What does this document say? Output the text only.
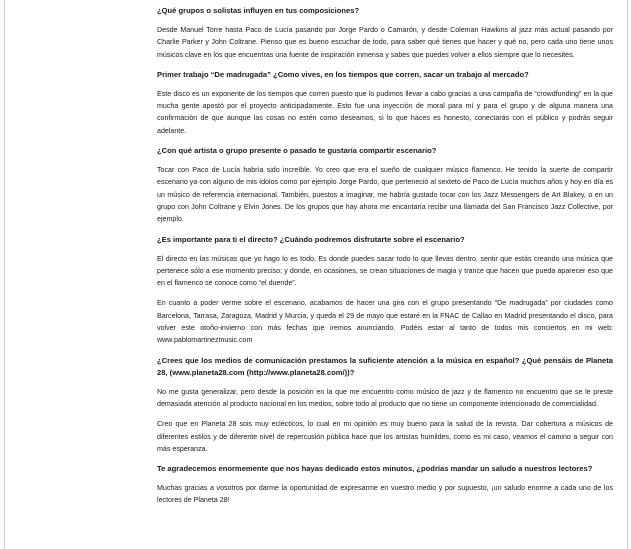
¿Qué grupos o solistas influyen en tus composiciones?

Desde Manuel Torre hasta Paco de Lucía pasando por Jorge Pardo o Camarón, y desde Coleman Hawkins al jazz más actual pasando por Charlie Parker y John Coltrane. Pienso que es bueno escuchar de todo, para saber qué tienes que hacer y qué no, pero cada uno tiene unos músicos clave en los que encuentras una fuente de inspiración inmensa y sabes que puedes volver a ellos siempre que lo necesites.

Primer trabajo “De madrugada” ¿Como vives, en los tiempos que corren, sacar un trabajo al mercado?

Este disco es un exponente de los tiempos que corren puesto que lo pudimos llevar a cabo gracias a una campaña de “crowdfunding” en la que mucha gente apostó por el proyecto anticipadamente. Esto fue una inyección de moral para mí y para el grupo y de alguna manera una confirmación de que aunque las cosas no estén como deseamos, si lo que haces es honesto, conectarás con el público y podrás seguir adelante.

¿Con qué artista o grupo presente o pasado te gustaría compartir escenario?

Tocar con Paco de Lucía habría sido increíble. Yo creo que era el sueño de cualquier músico flamenco. He tenido la suerte de compartir escenario ya con alguno de mis ídolos como por ejemplo Jorge Pardo, que perteneció al sexteto de Paco de Lucía muchos años y hoy en día es un músico de referencia internacional. También, puestos a imaginar, me habría gustado tocar con los Jazz Messengers de Art Blakey, o en un grupo con John Coltrane y Elvin Jones. De los grupos que hay ahora me encantaría recibir una llamada del San Francisco Jazz Collective, por ejemplo.

¿Es importante para ti el directo? ¿Cuándo podremos disfrutarte sobre el escenario?

El directo en las músicas que yo hago lo es todo. Es donde puedes sacar todo lo que llevas dentro, sentir que estás creando una música que pertenece sólo a ese momento preciso; y donde, en ocasiones, se crean situaciones de magia y trance que hacen que pueda aparecer eso que en el flamenco se conoce como “el duende”.

En cuanto a poder verme sobre el escenario, acabamos de hacer una gira con el grupo presentando “De madrugada” por ciudades como Barcelona, Tarrasa, Zaragoza, Madrid y Murcia, y queda el 29 de mayo que estaré en la FNAC de Callao en Madrid presentando el disco, para volver este otoño-invierno con más fechas que iremos anunciando. Podéis estar al tanto de todos mis conciertos en mi web: www.pablomartinezmusic.com

¿Crees que los medios de comunicación prestamos la suficiente atención a la música en español? ¿Qué pensáis de Planeta 28, (www.planeta28.com (http://www.planeta28.com/))?

No me gusta generalizar, pero desde la posición en la que me encuentro como músico de jazz y de flamenco no encuentro que se le preste demasiada atención al producto nacional en los medios, sobre todo al producto que no tiene un componente intencionado de comercialidad.

Creo que en Planeta 28 sois muy eclécticos, lo cual en mi opinión es muy bueno para la salud de la revista. Dar cobertura a músicos de diferentes estilos y de diferente nivel de repercusión pública hace que los artistas humildes, como es mi caso, veamos el camino a seguir con más esperanza.

Te agradecemos enormemente que nos hayas dedicado estos minutos, ¿podrías mandar un saludo a nuestros lectores?

Muchas gracias a vosotros por darme la oportunidad de expresarme en vuestro medio y por supuesto, ¡un saludo enorme a cada uno de los lectores de Planeta 28!
